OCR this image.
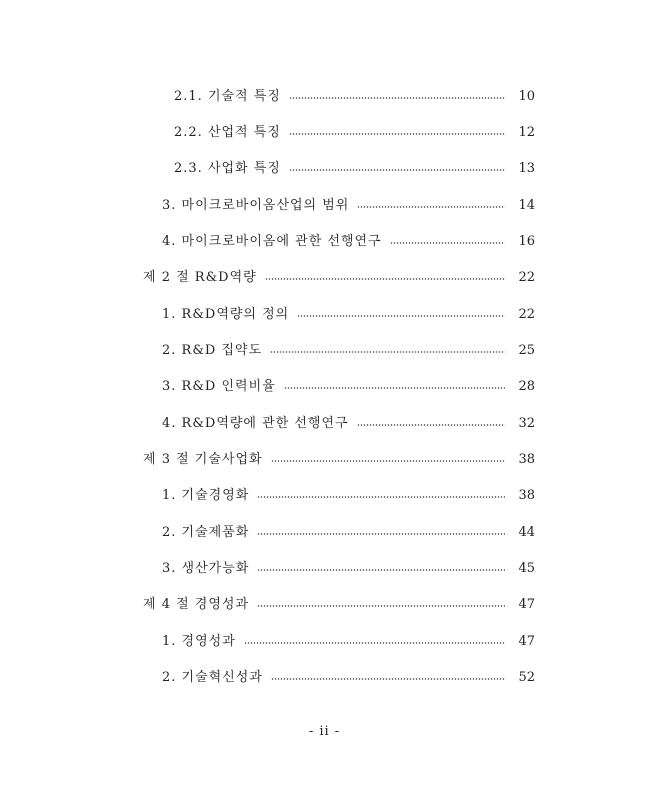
2.1. 기술적 특징	10
2.2. 산업적 특징	12
2.3. 사업화 특징	13
3. 마이크로바이옴산업의 범위	14
4. 마이크로바이옴에 관한 선행연구	16
제 2 절 R&D역량	22
1. R&D역량의 정의	22
2. R&D 집약도	25
3. R&D 인력비율	28
4. R&D역량에 관한 선행연구	32
제 3 절 기술사업화	38
1. 기술경영화	38
2. 기술제품화	44
3. 생산가능화	45
제 4 절 경영성과	47
1. 경영성과	47
2. 기술혁신성과	52
- ii -
